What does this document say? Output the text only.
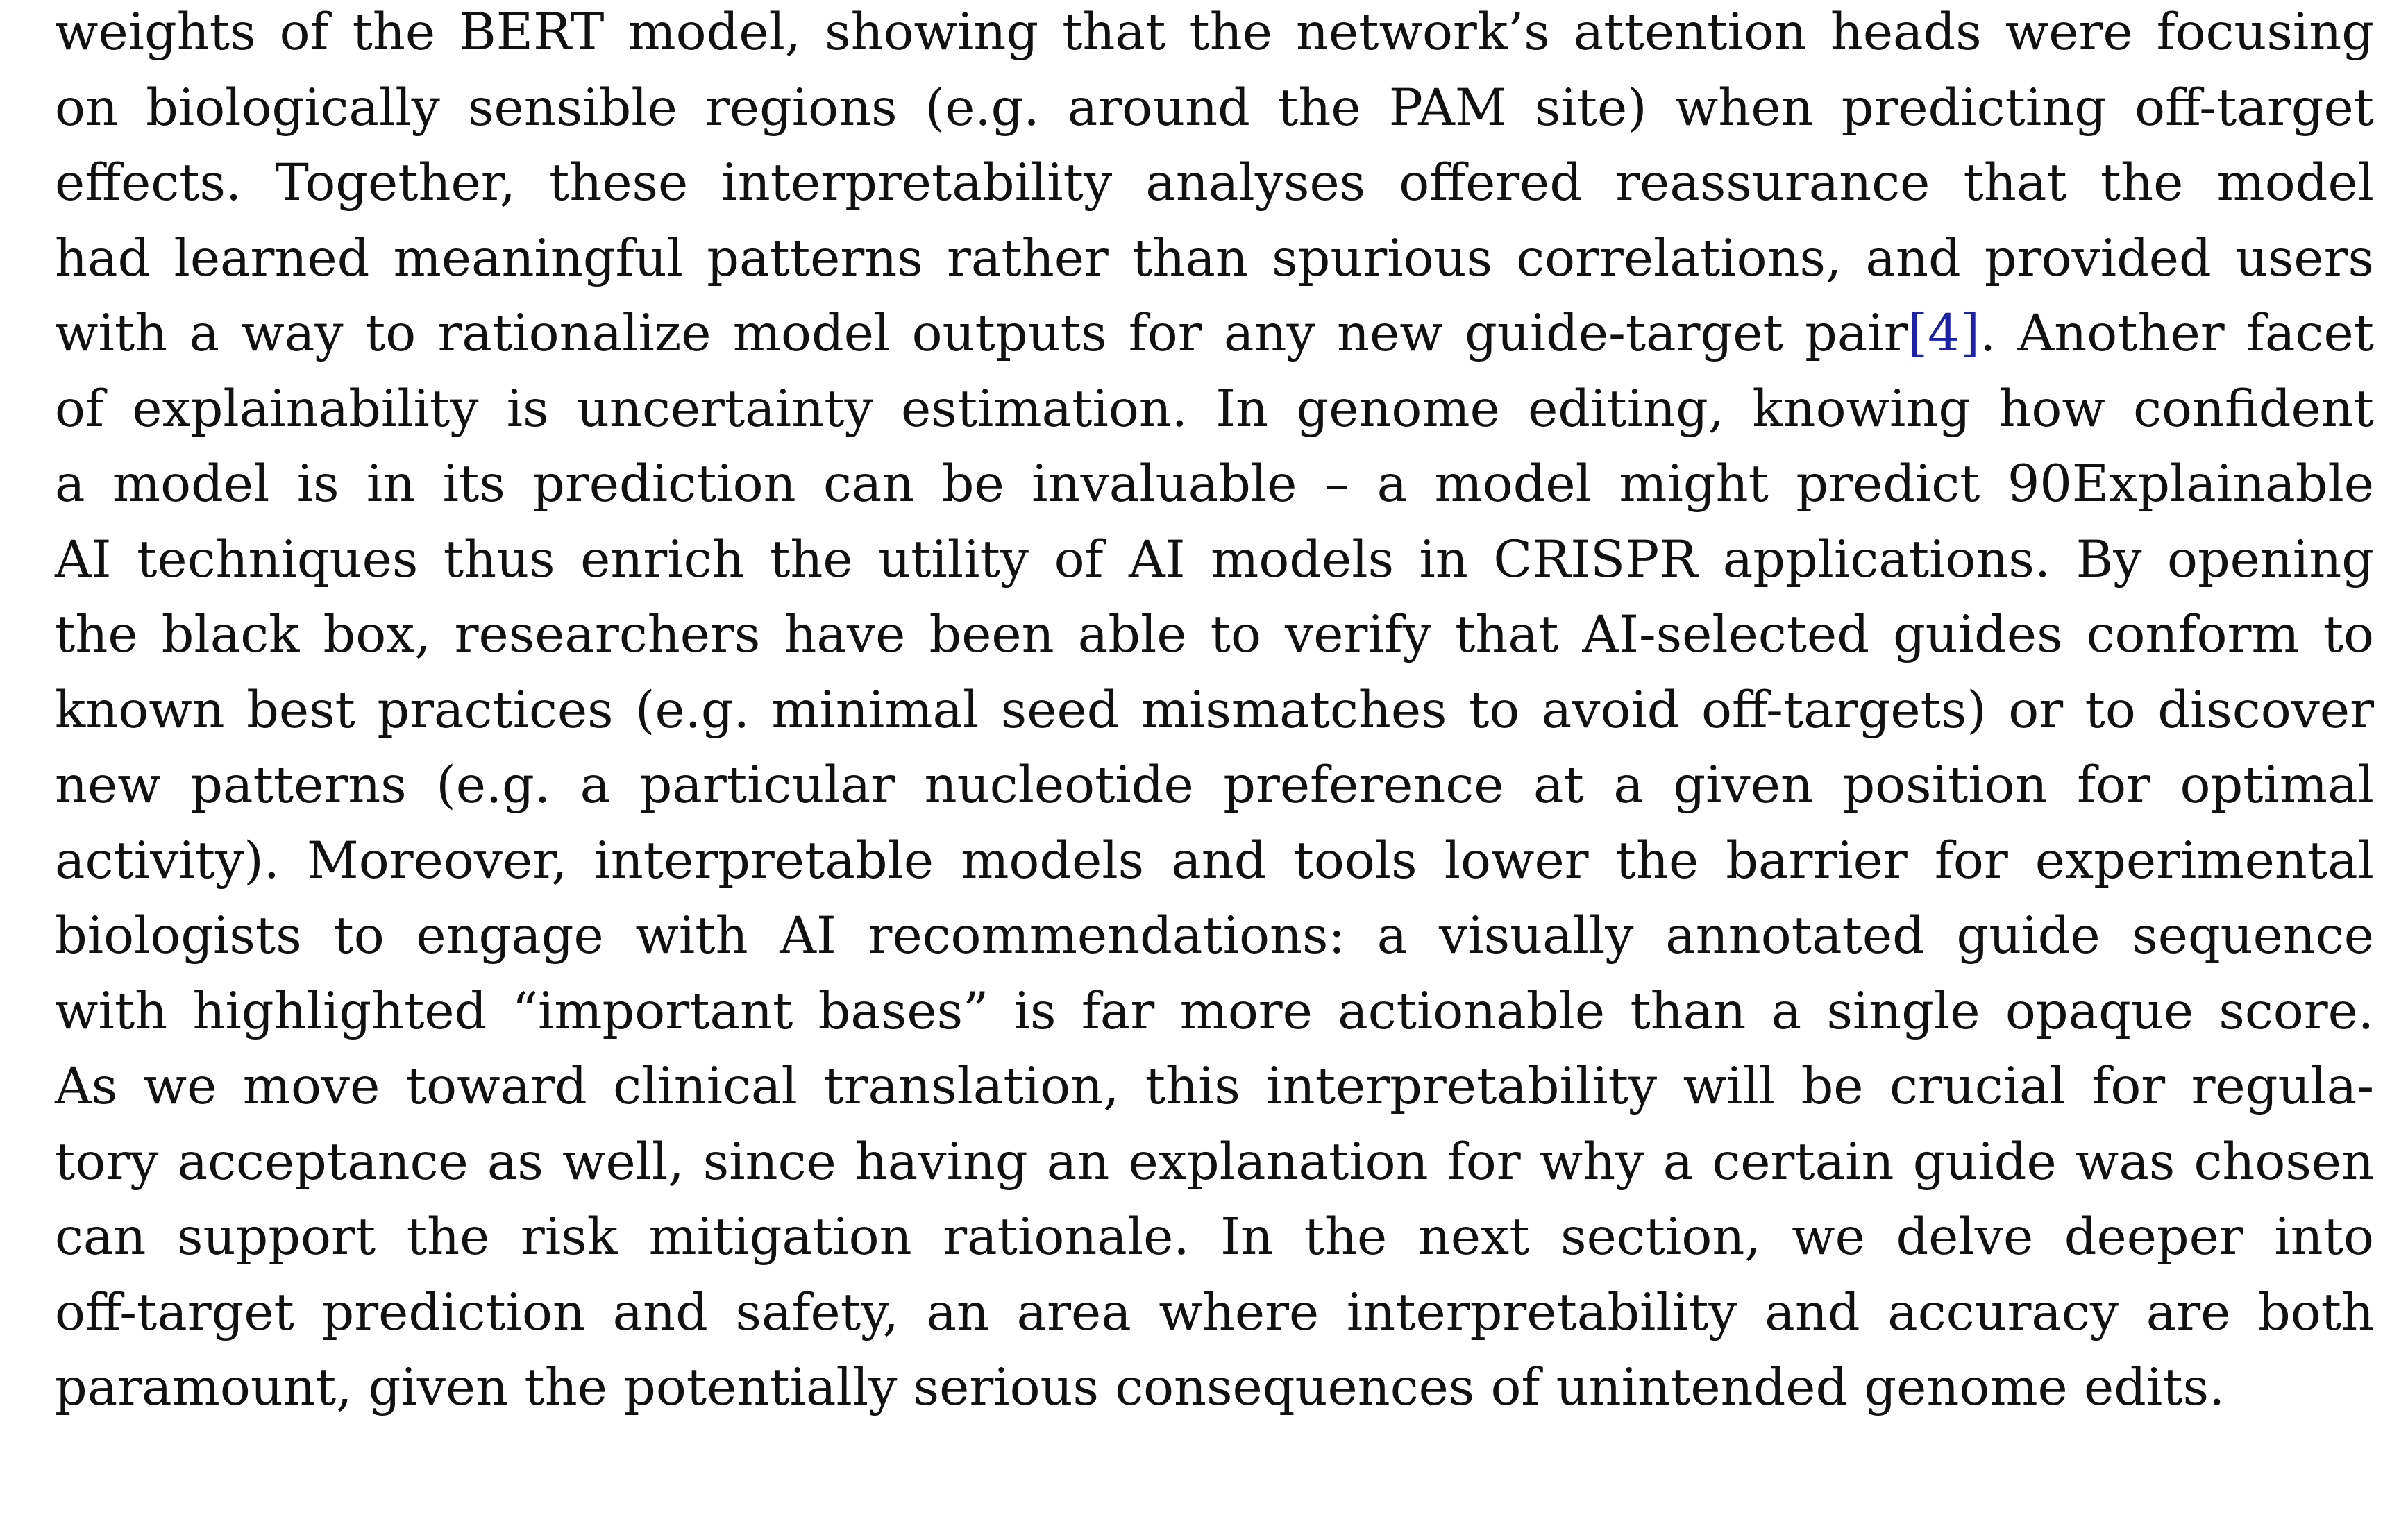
weights of the BERT model, showing that the network’s attention heads were focusing
on biologically sensible regions (e.g. around the PAM site) when predicting off-target
effects. Together, these interpretability analyses offered reassurance that the model
had learned meaningful patterns rather than spurious correlations, and provided users
with a way to rationalize model outputs for any new guide-target pair[4]. Another facet
of explainability is uncertainty estimation. In genome editing, knowing how confident
a model is in its prediction can be invaluable – a model might predict 90Explainable
AI techniques thus enrich the utility of AI models in CRISPR applications. By opening
the black box, researchers have been able to verify that AI-selected guides conform to
known best practices (e.g. minimal seed mismatches to avoid off-targets) or to discover
new patterns (e.g. a particular nucleotide preference at a given position for optimal
activity). Moreover, interpretable models and tools lower the barrier for experimental
biologists to engage with AI recommendations: a visually annotated guide sequence
with highlighted “important bases” is far more actionable than a single opaque score.
As we move toward clinical translation, this interpretability will be crucial for regula-
tory acceptance as well, since having an explanation for why a certain guide was chosen
can support the risk mitigation rationale. In the next section, we delve deeper into
off-target prediction and safety, an area where interpretability and accuracy are both
paramount, given the potentially serious consequences of unintended genome edits.
